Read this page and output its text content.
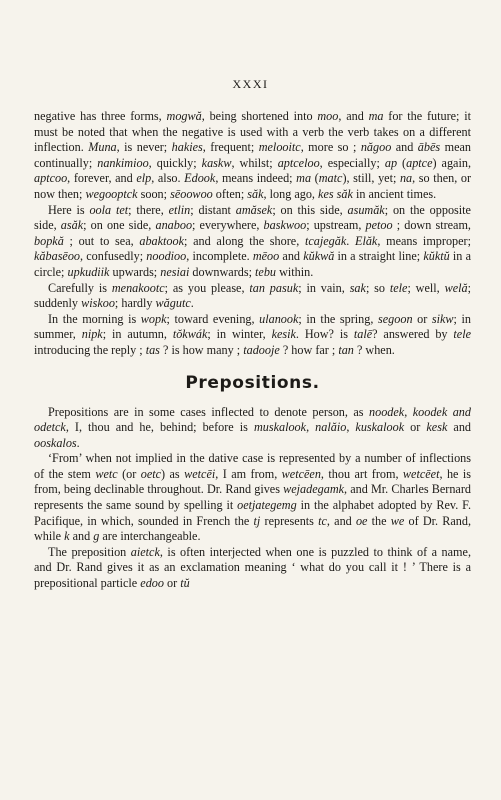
XXXI

negative has three forms, mogwă, being shortened into moo, and ma for the future; it must be noted that when the negative is used with a verb the verb takes on a different inflection. Muna, is never; hakies, frequent; melooitc, more so ; năgoo and ābēs mean continually; nankimioo, quickly; kaskw, whilst; aptceloo, especially; ap (aptce) again, aptcoo, forever, and elp, also. Edook, means indeed; ma (matc), still, yet; na, so then, or now then; wegooptck soon; sēoowoo often; săk, long ago, kes săk in ancient times.

Here is oola tet; there, etlin; distant amăsek; on this side, asumăk; on the opposite side, asăk; on one side, anaboo; everywhere, baskwoo; upstream, petoo ; down stream, bopkă ; out to sea, abaktook; and along the shore, tcajegăk. Elăk, means improper; kăbasēoo, confusedly; noodioo, incomplete. mēoo and kŭkwă in a straight line; kŭktŭ in a circle; upkudiik upwards; nesiai downwards; tebu within.

Carefully is menakootc; as you please, tan pasuk; in vain, sak; so tele; well, welă; suddenly wiskoo; hardly wăgutc.

In the morning is wopk; toward evening, ulanook; in the spring, segoon or sikw; in summer, nipk; in autumn, tŏkwák; in winter, kesik. How? is talē? answered by tele introducing the reply ; tas ? is how many ; tadooje ? how far ; tan ? when.

Prepositions.

Prepositions are in some cases inflected to denote person, as noodek, koodek and odetck, I, thou and he, behind; before is muskalook, nalăio, kuskalook or kesk and ooskalos.

‘From’ when not implied in the dative case is represented by a number of inflections of the stem wetc (or oetc) as wetcēi, I am from, wetcēen, thou art from, wetcēet, he is from, being declinable throughout. Dr. Rand gives wejadegamk, and Mr. Charles Bernard represents the same sound by spelling it oetjategemg in the alphabet adopted by Rev. F. Pacifique, in which, sounded in French the tj represents tc, and oe the we of Dr. Rand, while k and g are interchangeable.

The preposition aietck, is often interjected when one is puzzled to think of a name, and Dr. Rand gives it as an exclamation meaning ‘ what do you call it ! ’ There is a prepositional particle edoo or tŭ
